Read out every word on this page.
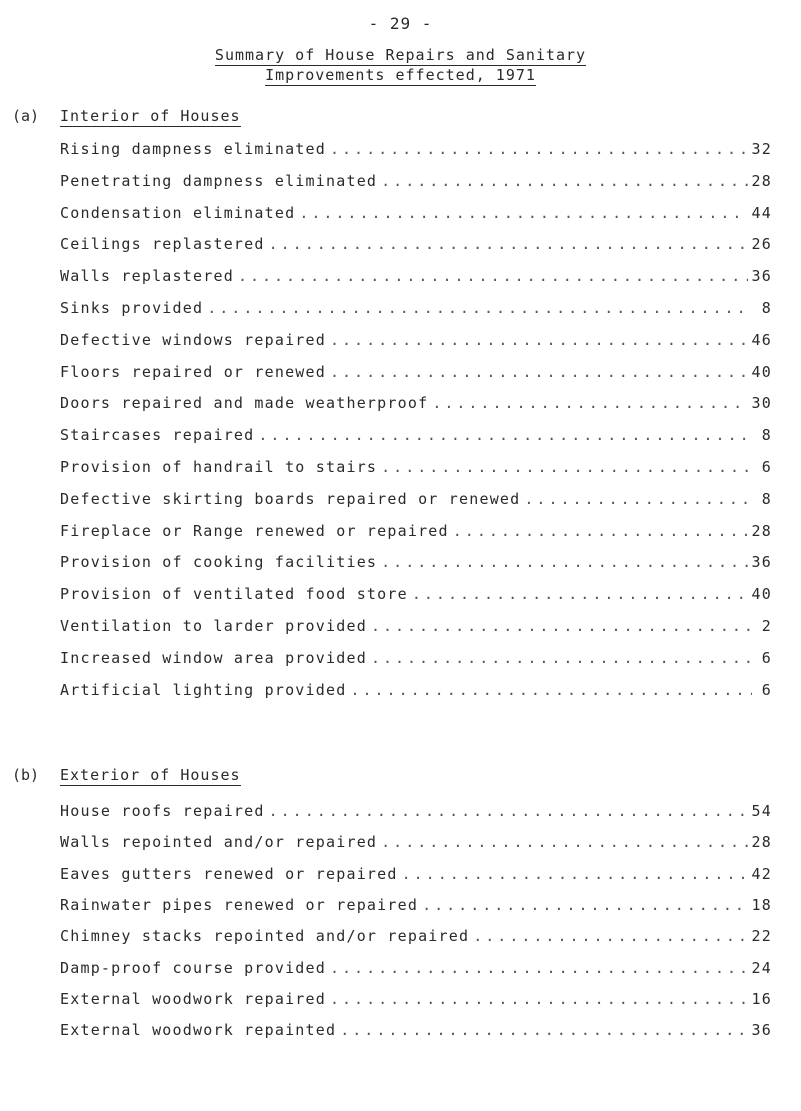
- 29 -
Summary of House Repairs and Sanitary
Improvements effected, 1971
(a) Interior of Houses
Rising dampness eliminated .....	32
Penetrating dampness eliminated .....	28
Condensation eliminated .....	44
Ceilings replastered .....	26
Walls replastered .....	36
Sinks provided .....	8
Defective windows repaired .....	46
Floors repaired or renewed .....	40
Doors repaired and made weatherproof .....	30
Staircases repaired .....	8
Provision of handrail to stairs .....	6
Defective skirting boards repaired or renewed .....	8
Fireplace or Range renewed or repaired .....	28
Provision of cooking facilities .....	36
Provision of ventilated food store .....	40
Ventilation to larder provided .....	2
Increased window area provided .....	6
Artificial lighting provided .....	6
(b) Exterior of Houses
House roofs repaired .....	54
Walls repointed and/or repaired .....	28
Eaves gutters renewed or repaired .....	42
Rainwater pipes renewed or repaired .....	18
Chimney stacks repointed and/or repaired .....	22
Damp-proof course provided .....	24
External woodwork repaired .....	16
External woodwork repainted .....	36
